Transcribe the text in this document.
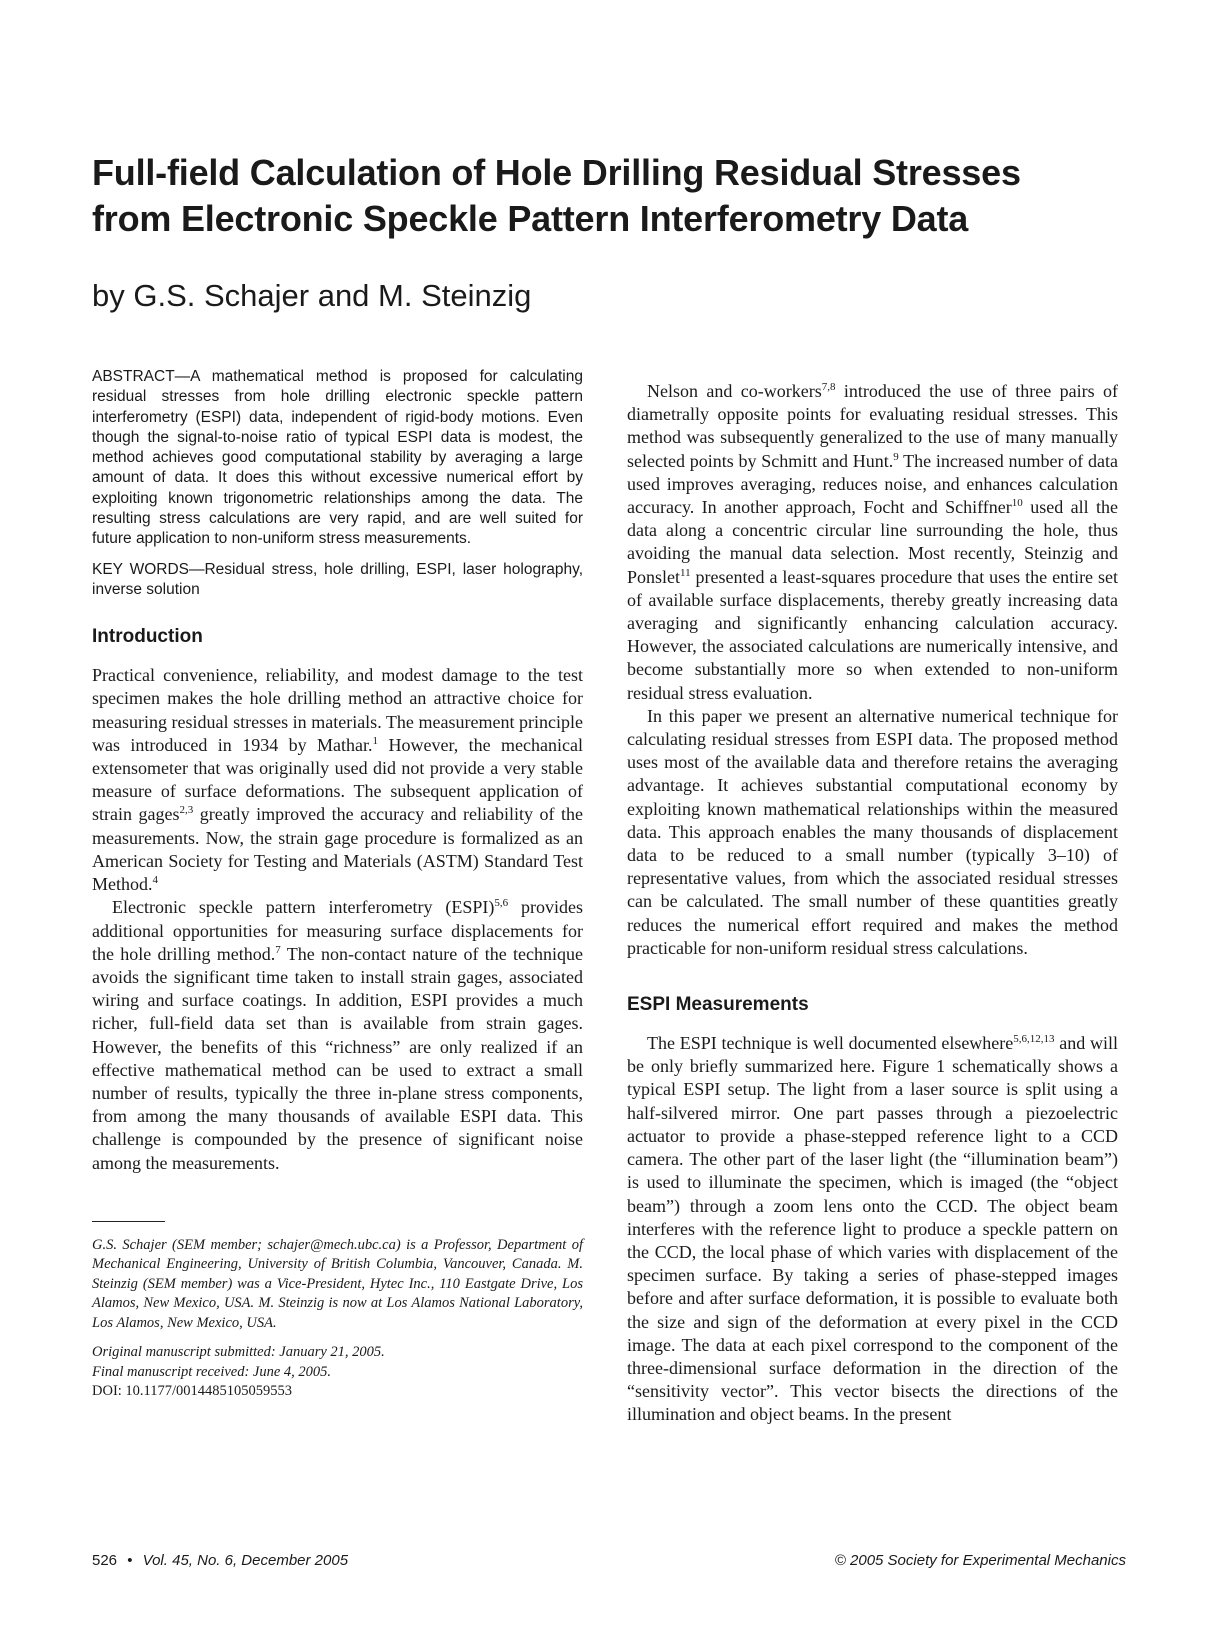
Full-field Calculation of Hole Drilling Residual Stresses
from Electronic Speckle Pattern Interferometry Data

by G.S. Schajer and M. Steinzig

ABSTRACT—A mathematical method is proposed for calculating residual stresses from hole drilling electronic speckle pattern interferometry (ESPI) data, independent of rigid-body motions. Even though the signal-to-noise ratio of typical ESPI data is modest, the method achieves good computational stability by averaging a large amount of data. It does this without excessive numerical effort by exploiting known trigonometric relationships among the data. The resulting stress calculations are very rapid, and are well suited for future application to non-uniform stress measurements.

KEY WORDS—Residual stress, hole drilling, ESPI, laser holography, inverse solution

Introduction

Practical convenience, reliability, and modest damage to the test specimen makes the hole drilling method an attractive choice for measuring residual stresses in materials. The measurement principle was introduced in 1934 by Mathar.$^1$ However, the mechanical extensometer that was originally used did not provide a very stable measure of surface deformations. The subsequent application of strain gages$^{2,3}$ greatly improved the accuracy and reliability of the measurements. Now, the strain gage procedure is formalized as an American Society for Testing and Materials (ASTM) Standard Test Method.$^4$

Electronic speckle pattern interferometry (ESPI)$^{5,6}$ provides additional opportunities for measuring surface displacements for the hole drilling method.$^7$ The non-contact nature of the technique avoids the significant time taken to install strain gages, associated wiring and surface coatings. In addition, ESPI provides a much richer, full-field data set than is available from strain gages. However, the benefits of this “richness” are only realized if an effective mathematical method can be used to extract a small number of results, typically the three in-plane stress components, from among the many thousands of available ESPI data. This challenge is compounded by the presence of significant noise among the measurements.

G.S. Schajer (SEM member; schajer@mech.ubc.ca) is a Professor, Department of Mechanical Engineering, University of British Columbia, Vancouver, Canada. M. Steinzig (SEM member) was a Vice-President, Hytec Inc., 110 Eastgate Drive, Los Alamos, New Mexico, USA. M. Steinzig is now at Los Alamos National Laboratory, Los Alamos, New Mexico, USA.

Original manuscript submitted: January 21, 2005.

Final manuscript received: June 4, 2005.

DOI: 10.1177/0014485105059553

Nelson and co-workers$^{7,8}$ introduced the use of three pairs of diametrally opposite points for evaluating residual stresses. This method was subsequently generalized to the use of many manually selected points by Schmitt and Hunt.$^9$ The increased number of data used improves averaging, reduces noise, and enhances calculation accuracy. In another approach, Focht and Schiffner$^{10}$ used all the data along a concentric circular line surrounding the hole, thus avoiding the manual data selection. Most recently, Steinzig and Ponslet$^{11}$ presented a least-squares procedure that uses the entire set of available surface displacements, thereby greatly increasing data averaging and significantly enhancing calculation accuracy. However, the associated calculations are numerically intensive, and become substantially more so when extended to non-uniform residual stress evaluation.

In this paper we present an alternative numerical technique for calculating residual stresses from ESPI data. The proposed method uses most of the available data and therefore retains the averaging advantage. It achieves substantial computational economy by exploiting known mathematical relationships within the measured data. This approach enables the many thousands of displacement data to be reduced to a small number (typically 3–10) of representative values, from which the associated residual stresses can be calculated. The small number of these quantities greatly reduces the numerical effort required and makes the method practicable for non-uniform residual stress calculations.

ESPI Measurements

The ESPI technique is well documented elsewhere$^{5,6,12,13}$ and will be only briefly summarized here. Figure 1 schematically shows a typical ESPI setup. The light from a laser source is split using a half-silvered mirror. One part passes through a piezoelectric actuator to provide a phase-stepped reference light to a CCD camera. The other part of the laser light (the “illumination beam”) is used to illuminate the specimen, which is imaged (the “object beam”) through a zoom lens onto the CCD. The object beam interferes with the reference light to produce a speckle pattern on the CCD, the local phase of which varies with displacement of the specimen surface. By taking a series of phase-stepped images before and after surface deformation, it is possible to evaluate both the size and sign of the deformation at every pixel in the CCD image. The data at each pixel correspond to the component of the three-dimensional surface deformation in the direction of the “sensitivity vector”. This vector bisects the directions of the illumination and object beams. In the present

526 • Vol. 45, No. 6, December 2005	© 2005 Society for Experimental Mechanics
